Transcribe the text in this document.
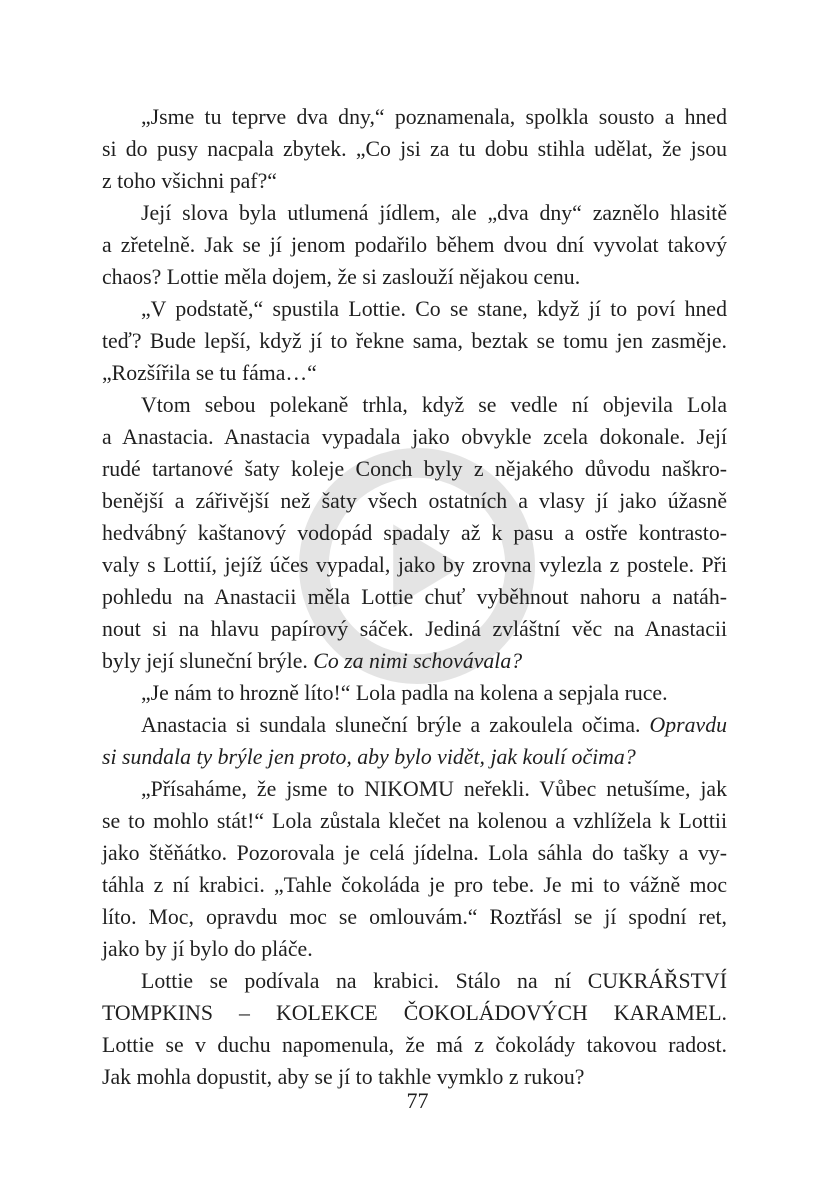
„Jsme tu teprve dva dny,“ poznamenala, spolkla sousto a hned
si do pusy nacpala zbytek. „Co jsi za tu dobu stihla udělat, že jsou
z toho všichni paf?“
Její slova byla utlumená jídlem, ale „dva dny“ zaznělo hlasitě
a zřetelně. Jak se jí jenom podařilo během dvou dní vyvolat takový
chaos? Lottie měla dojem, že si zaslouží nějakou cenu.
„V podstatě,“ spustila Lottie. Co se stane, když jí to poví hned
teď? Bude lepší, když jí to řekne sama, beztak se tomu jen zasměje.
„Rozšířila se tu fáma…“
Vtom sebou polekaně trhla, když se vedle ní objevila Lola
a Anastacia. Anastacia vypadala jako obvykle zcela dokonale. Její
rudé tartanové šaty koleje Conch byly z nějakého důvodu naškro-
benější a zářivější než šaty všech ostatních a vlasy jí jako úžasně
hedvábný kaštanový vodopád spadaly až k pasu a ostře kontrasto-
valy s Lottií, jejíž účes vypadal, jako by zrovna vylezla z postele. Při
pohledu na Anastacii měla Lottie chuť vyběhnout nahoru a natáh-
nout si na hlavu papírový sáček. Jediná zvláštní věc na Anastacii
byly její sluneční brýle. Co za nimi schovávala?
„Je nám to hrozně líto!“ Lola padla na kolena a sepjala ruce.
Anastacia si sundala sluneční brýle a zakoulela očima. Opravdu
si sundala ty brýle jen proto, aby bylo vidět, jak koulí očima?
„Přísaháme, že jsme to NIKOMU neřekli. Vůbec netušíme, jak
se to mohlo stát!“ Lola zůstala klečet na kolenou a vzhlížela k Lottii
jako štěňátko. Pozorovala je celá jídelna. Lola sáhla do tašky a vy-
táhla z ní krabici. „Tahle čokoláda je pro tebe. Je mi to vážně moc
líto. Moc, opravdu moc se omlouvám.“ Roztřásl se jí spodní ret,
jako by jí bylo do pláče.
Lottie se podívala na krabici. Stálo na ní CUKRÁŘSTVÍ
TOMPKINS – KOLEKCE ČOKOLÁDOVÝCH KARAMEL.
Lottie se v duchu napomenula, že má z čokolády takovou radost.
Jak mohla dopustit, aby se jí to takhle vymklo z rukou?
77
